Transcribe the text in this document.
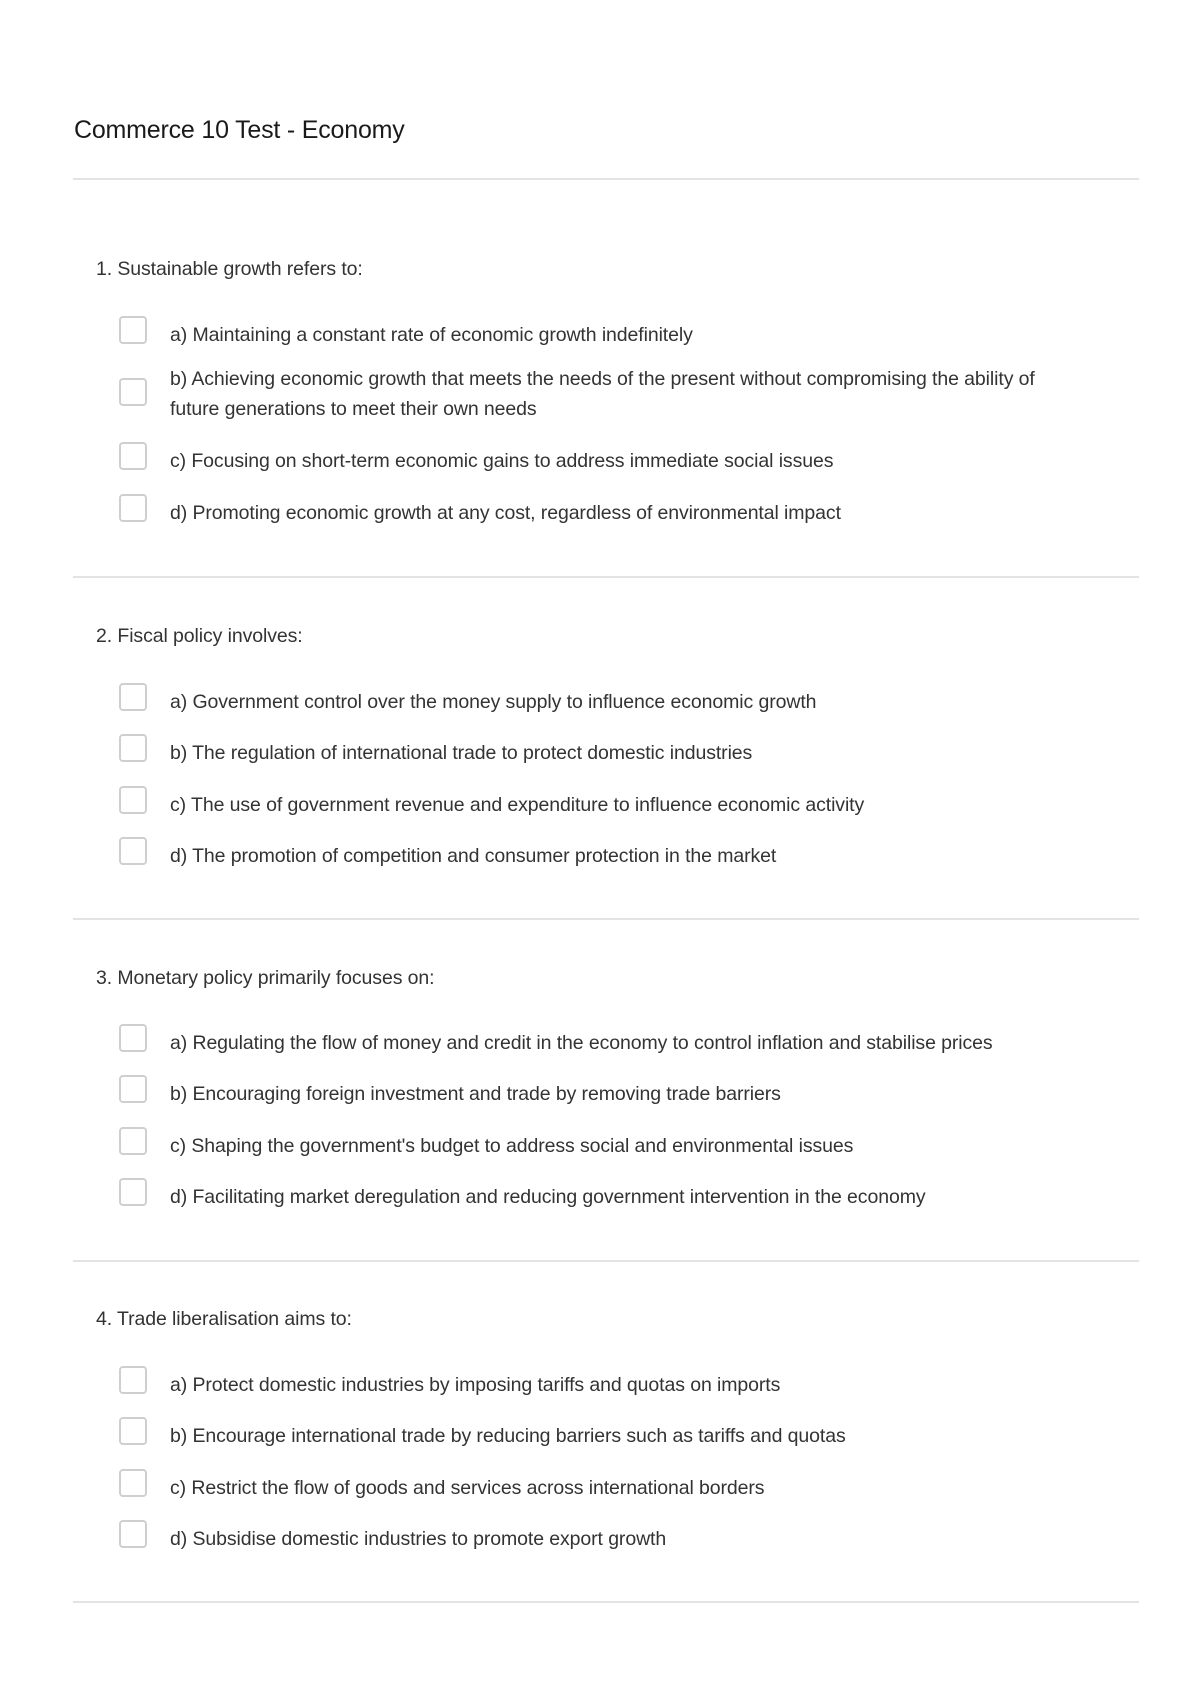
Commerce 10 Test - Economy

1. Sustainable growth refers to:

a) Maintaining a constant rate of economic growth indefinitely
b) Achieving economic growth that meets the needs of the present without compromising the ability of future generations to meet their own needs
c) Focusing on short-term economic gains to address immediate social issues
d) Promoting economic growth at any cost, regardless of environmental impact

2. Fiscal policy involves:

a) Government control over the money supply to influence economic growth
b) The regulation of international trade to protect domestic industries
c) The use of government revenue and expenditure to influence economic activity
d) The promotion of competition and consumer protection in the market

3. Monetary policy primarily focuses on:

a) Regulating the flow of money and credit in the economy to control inflation and stabilise prices
b) Encouraging foreign investment and trade by removing trade barriers
c) Shaping the government's budget to address social and environmental issues
d) Facilitating market deregulation and reducing government intervention in the economy

4. Trade liberalisation aims to:

a) Protect domestic industries by imposing tariffs and quotas on imports
b) Encourage international trade by reducing barriers such as tariffs and quotas
c) Restrict the flow of goods and services across international borders
d) Subsidise domestic industries to promote export growth
